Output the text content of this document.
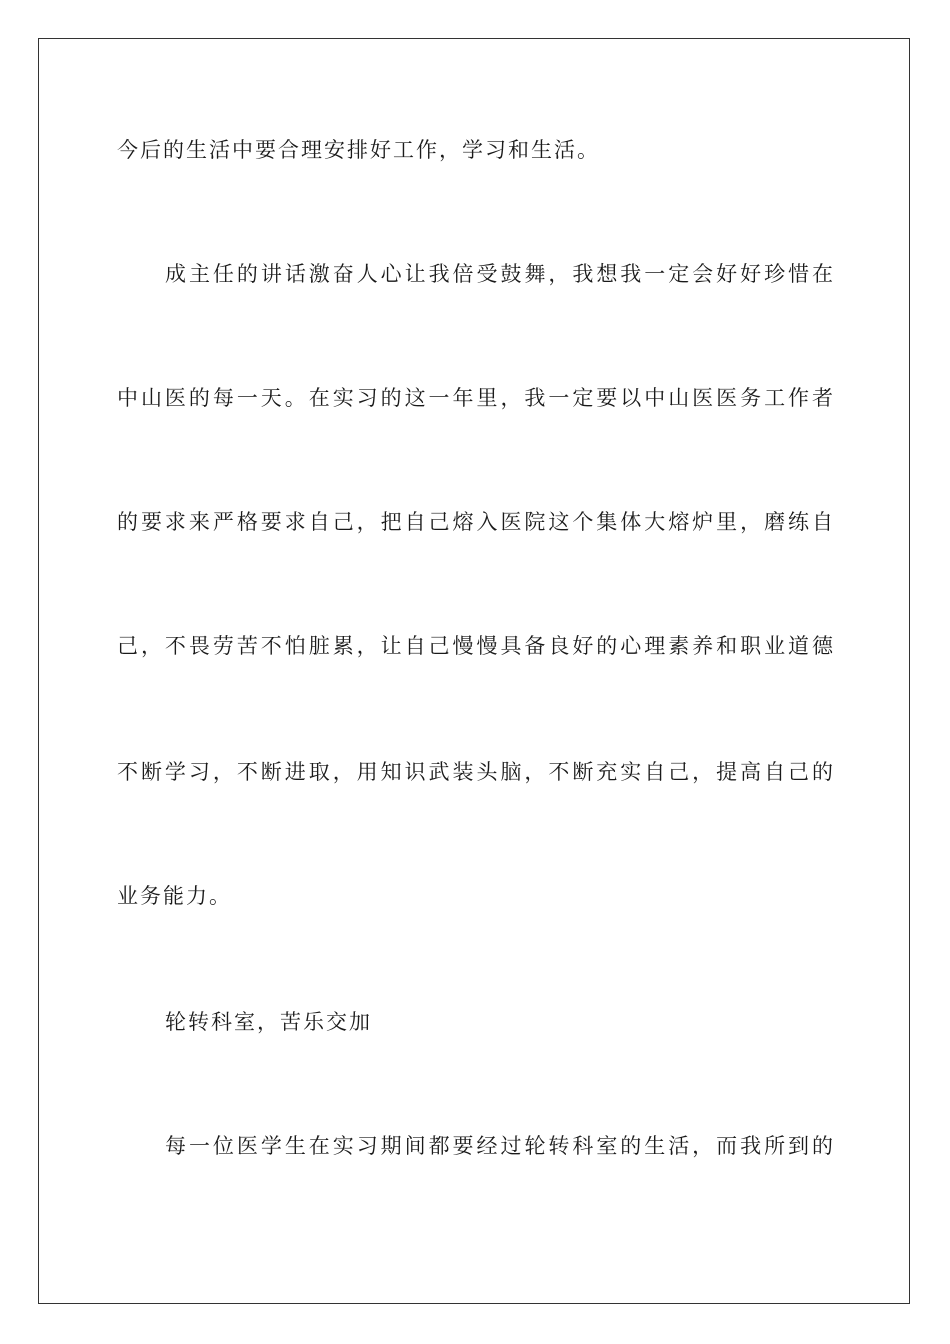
今后的生活中要合理安排好工作，学习和生活。
成主任的讲话激奋人心让我倍受鼓舞，我想我一定会好好珍惜在
中山医的每一天。在实习的这一年里，我一定要以中山医医务工作者
的要求来严格要求自己，把自己熔入医院这个集体大熔炉里，磨练自
己，不畏劳苦不怕脏累，让自己慢慢具备良好的心理素养和职业道德
不断学习，不断进取，用知识武装头脑，不断充实自己，提高自己的
业务能力。
轮转科室，苦乐交加
每一位医学生在实习期间都要经过轮转科室的生活，而我所到的
